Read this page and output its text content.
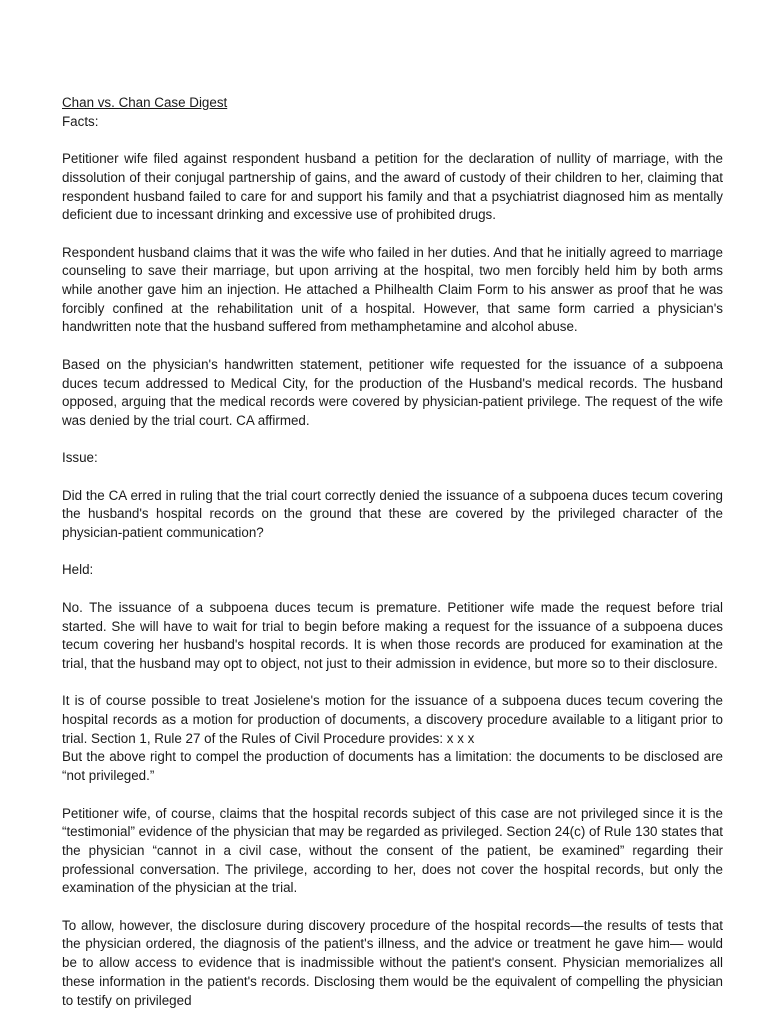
Chan vs. Chan Case Digest
Facts:

Petitioner wife filed against respondent husband a petition for the declaration of nullity of marriage, with the dissolution of their conjugal partnership of gains, and the award of custody of their children to her, claiming that respondent husband failed to care for and support his family and that a psychiatrist diagnosed him as mentally deficient due to incessant drinking and excessive use of prohibited drugs.

Respondent husband claims that it was the wife who failed in her duties. And that he initially agreed to marriage counseling to save their marriage, but upon arriving at the hospital, two men forcibly held him by both arms while another gave him an injection. He attached a Philhealth Claim Form to his answer as proof that he was forcibly confined at the rehabilitation unit of a hospital. However, that same form carried a physician's handwritten note that the husband suffered from methamphetamine and alcohol abuse.

Based on the physician's handwritten statement, petitioner wife requested for the issuance of a subpoena duces tecum addressed to Medical City, for the production of the Husband's medical records. The husband opposed, arguing that the medical records were covered by physician-patient privilege. The request of the wife was denied by the trial court. CA affirmed.

Issue:

Did the CA erred in ruling that the trial court correctly denied the issuance of a subpoena duces tecum covering the husband's hospital records on the ground that these are covered by the privileged character of the physician-patient communication?

Held:

No. The issuance of a subpoena duces tecum is premature. Petitioner wife made the request before trial started. She will have to wait for trial to begin before making a request for the issuance of a subpoena duces tecum covering her husband's hospital records. It is when those records are produced for examination at the trial, that the husband may opt to object, not just to their admission in evidence, but more so to their disclosure.

It is of course possible to treat Josielene's motion for the issuance of a subpoena duces tecum covering the hospital records as a motion for production of documents, a discovery procedure available to a litigant prior to trial. Section 1, Rule 27 of the Rules of Civil Procedure provides: x x x

But the above right to compel the production of documents has a limitation: the documents to be disclosed are “not privileged.”

Petitioner wife, of course, claims that the hospital records subject of this case are not privileged since it is the “testimonial” evidence of the physician that may be regarded as privileged. Section 24(c) of Rule 130 states that the physician “cannot in a civil case, without the consent of the patient, be examined” regarding their professional conversation. The privilege, according to her, does not cover the hospital records, but only the examination of the physician at the trial.

To allow, however, the disclosure during discovery procedure of the hospital records—the results of tests that the physician ordered, the diagnosis of the patient's illness, and the advice or treatment he gave him— would be to allow access to evidence that is inadmissible without the patient's consent. Physician memorializes all these information in the patient's records. Disclosing them would be the equivalent of compelling the physician to testify on privileged
